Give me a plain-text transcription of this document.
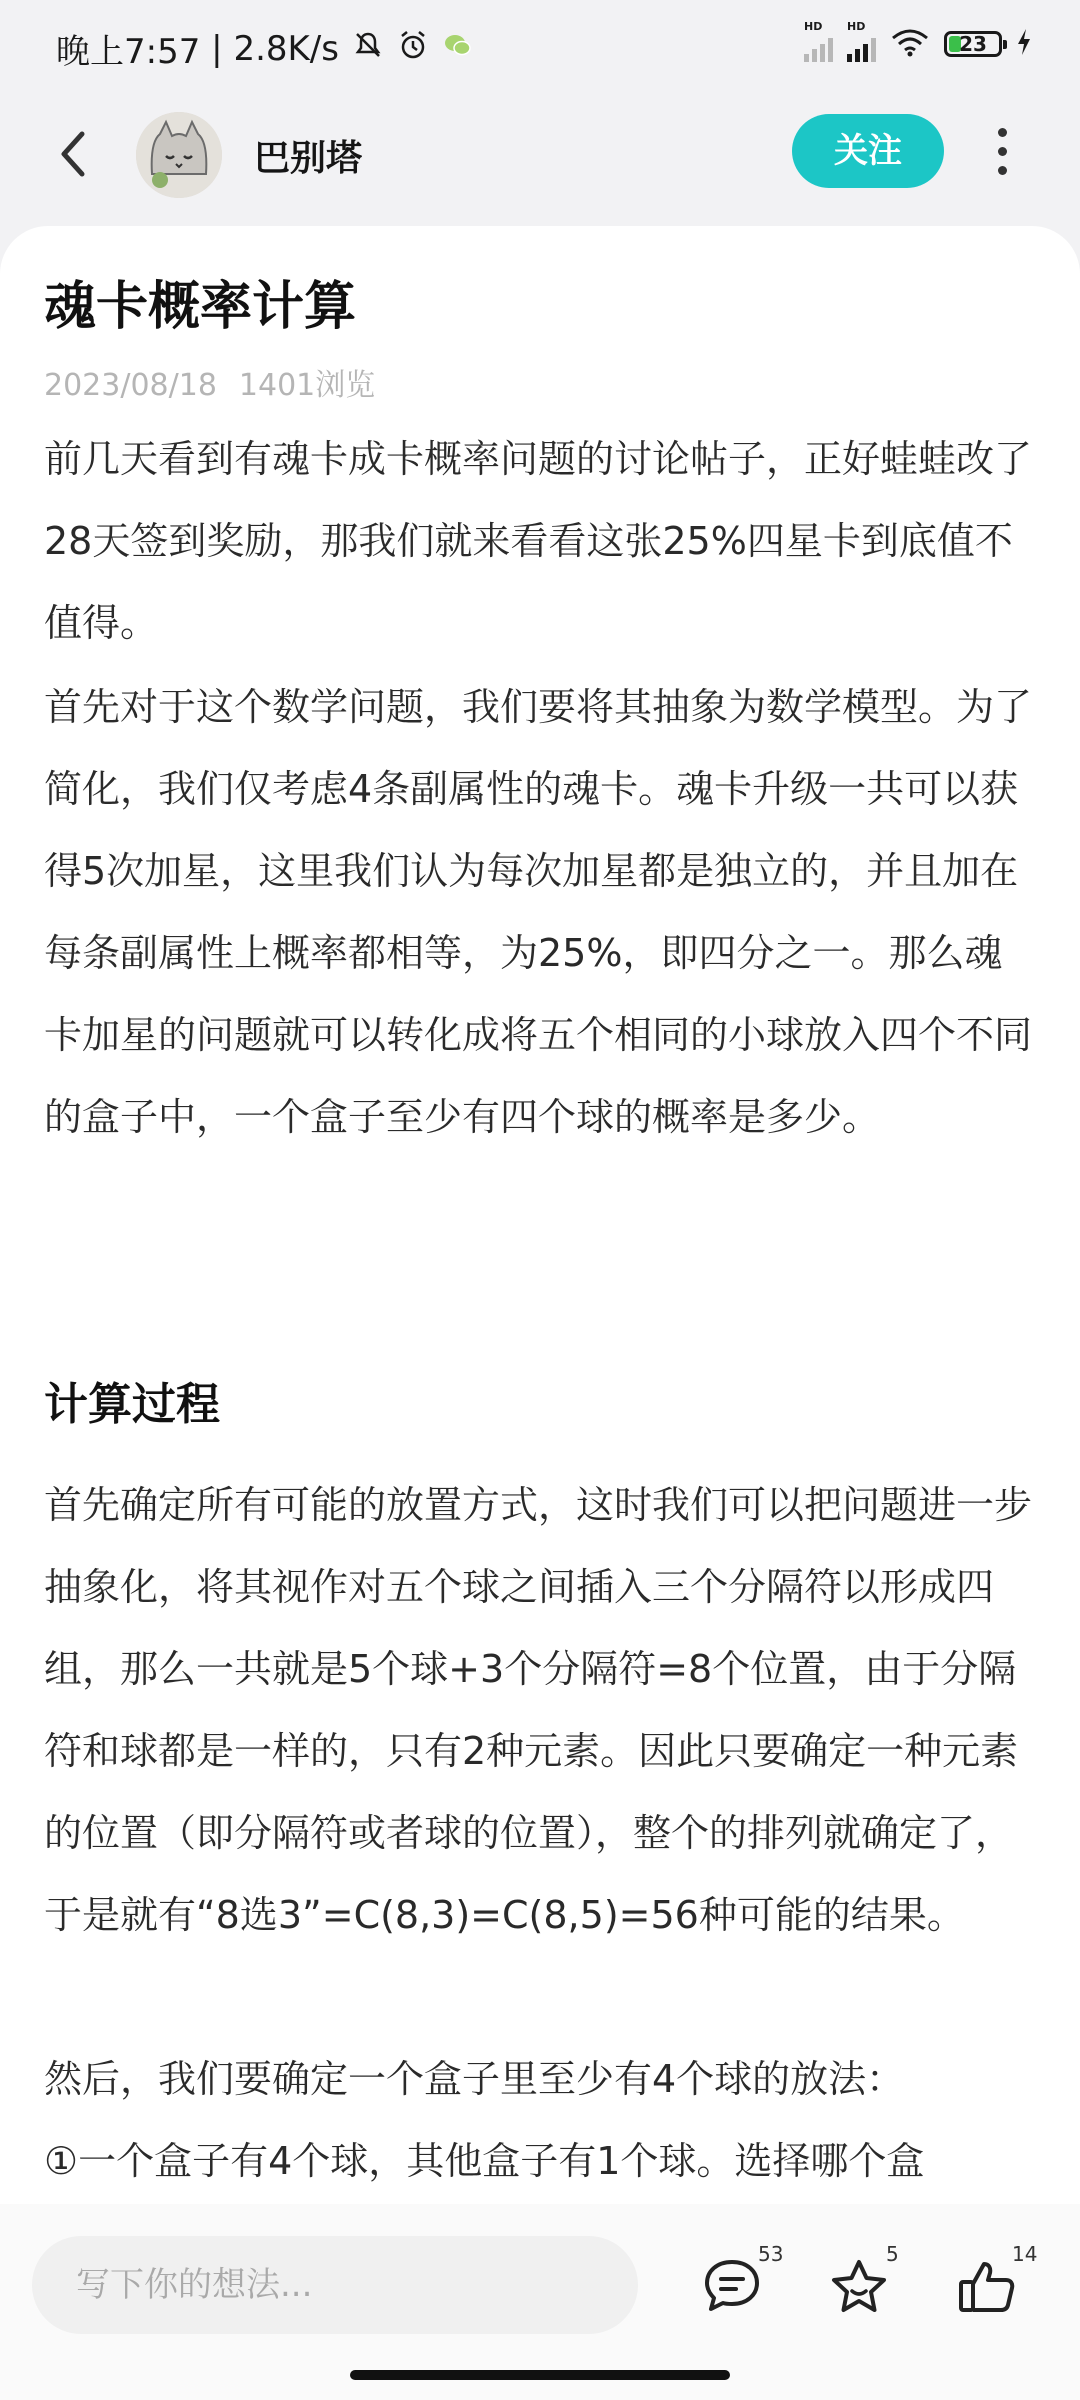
晚上7:57 | 2.8K/s
HD HD
23
巴别塔	关注
魂卡概率计算
2023/08/18 1401浏览
前几天看到有魂卡成卡概率问题的讨论帖子，正好蛙蛙改了28天签到奖励，那我们就来看看这张25%四星卡到底值不值得。
首先对于这个数学问题，我们要将其抽象为数学模型。为了简化，我们仅考虑4条副属性的魂卡。魂卡升级一共可以获得5次加星，这里我们认为每次加星都是独立的，并且加在每条副属性上概率都相等，为25%，即四分之一。那么魂卡加星的问题就可以转化成将五个相同的小球放入四个不同的盒子中，一个盒子至少有四个球的概率是多少。
计算过程
首先确定所有可能的放置方式，这时我们可以把问题进一步抽象化，将其视作对五个球之间插入三个分隔符以形成四组，那么一共就是5个球+3个分隔符=8个位置，由于分隔符和球都是一样的，只有2种元素。因此只要确定一种元素的位置（即分隔符或者球的位置），整个的排列就确定了，于是就有“8选3”=C(8,3)=C(8,5)=56种可能的结果。
然后，我们要确定一个盒子里至少有4个球的放法：
①一个盒子有4个球，其他盒子有1个球。选择哪个盒
写下你的想法...
53	5	14
